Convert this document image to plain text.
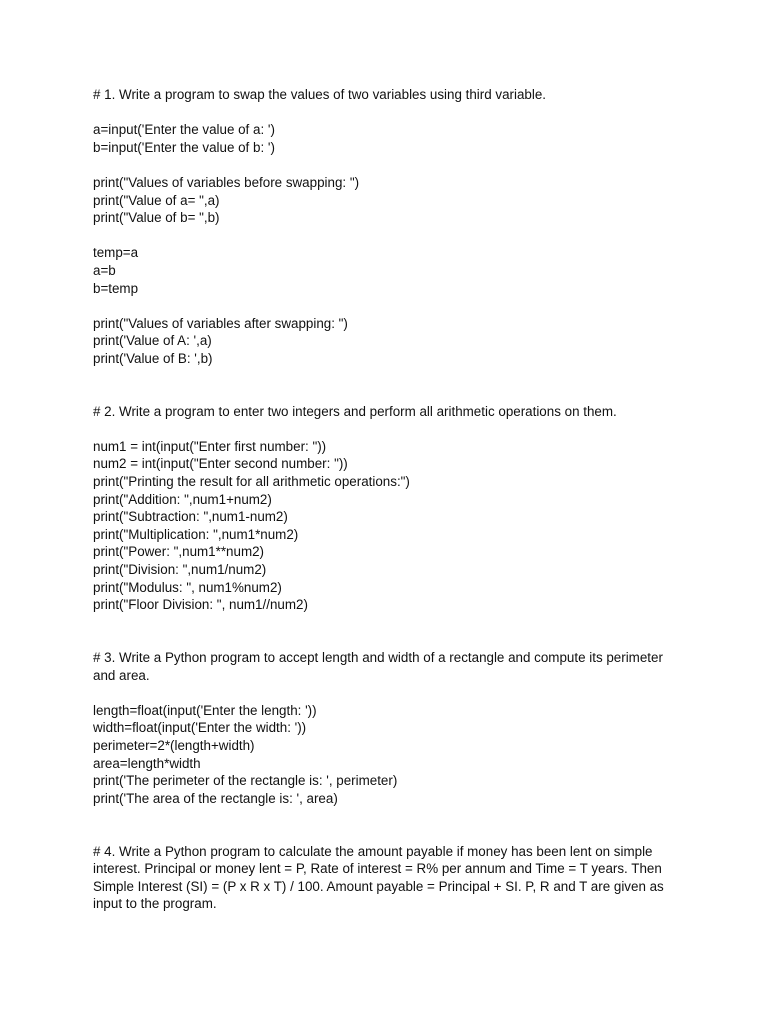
# 1. Write a program to swap the values of two variables using third variable.

a=input('Enter the value of a: ')

b=input('Enter the value of b: ')

print("Values of variables before swapping: ")

print("Value of a= ",a)

print("Value of b= ",b)

temp=a

a=b

b=temp

print("Values of variables after swapping: ")

print('Value of A: ',a)

print('Value of B: ',b)

# 2. Write a program to enter two integers and perform all arithmetic operations on them.

num1 = int(input("Enter first number: "))

num2 = int(input("Enter second number: "))

print("Printing the result for all arithmetic operations:")

print("Addition: ",num1+num2)

print("Subtraction: ",num1-num2)

print("Multiplication: ",num1*num2)

print("Power: ",num1**num2)

print("Division: ",num1/num2)

print("Modulus: ", num1%num2)

print("Floor Division: ", num1//num2)

# 3. Write a Python program to accept length and width of a rectangle and compute its perimeter and area.

length=float(input('Enter the length: '))

width=float(input('Enter the width: '))

perimeter=2*(length+width)

area=length*width

print('The perimeter of the rectangle is: ', perimeter)

print('The area of the rectangle is: ', area)

# 4. Write a Python program to calculate the amount payable if money has been lent on simple interest. Principal or money lent = P, Rate of interest = R% per annum and Time = T years. Then Simple Interest (SI) = (P x R x T) / 100. Amount payable = Principal + SI. P, R and T are given as input to the program.
